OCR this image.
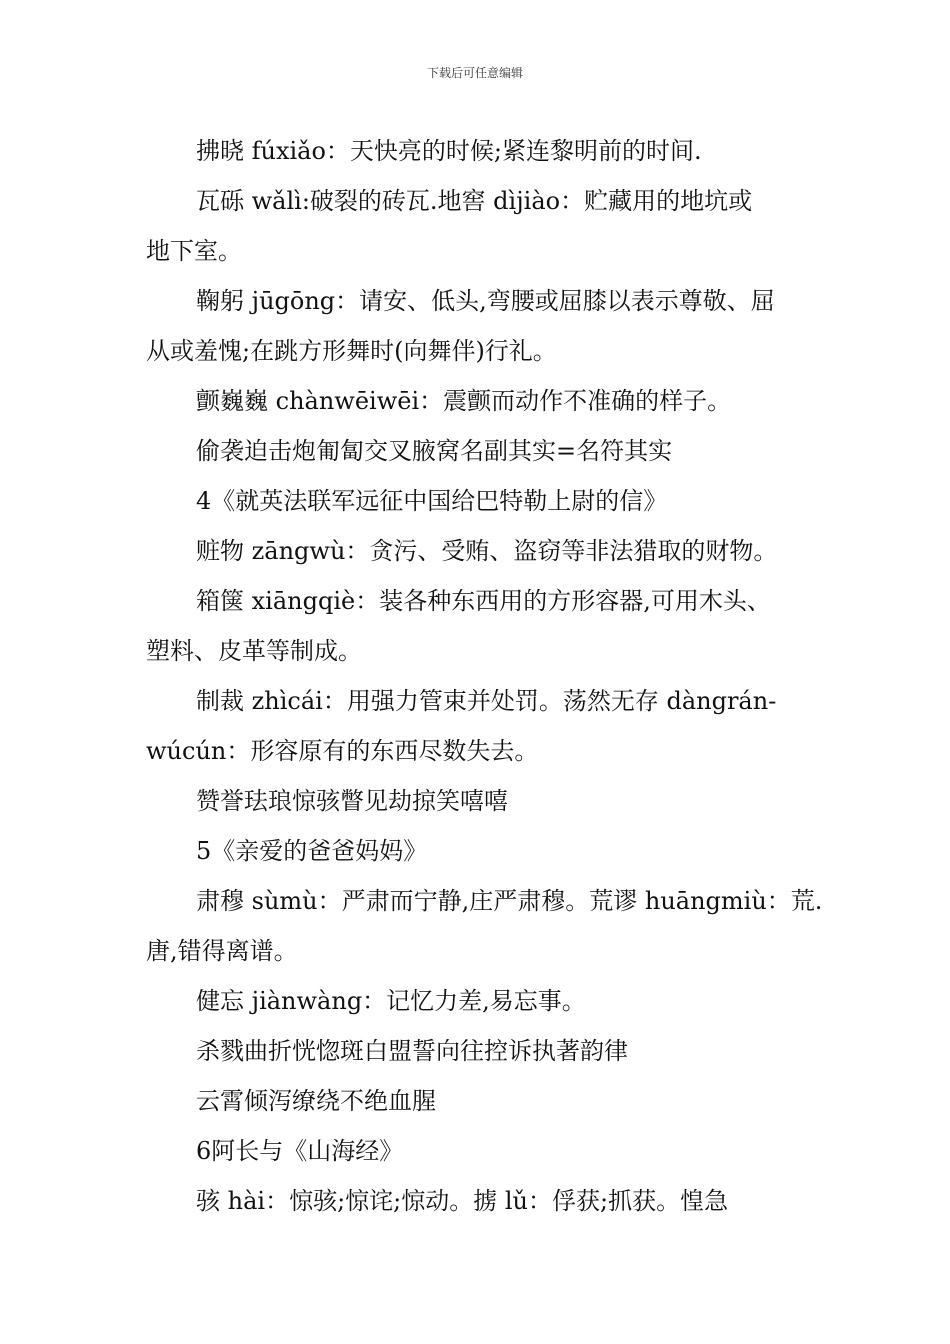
下载后可任意编辑

拂晓 fúxiǎo：天快亮的时候;紧连黎明前的时间.

瓦砾 wǎlì:破裂的砖瓦.地窖 dìjiào：贮藏用的地坑或
地下室。

鞠躬 jūgōng：请安、低头,弯腰或屈膝以表示尊敬、屈
从或羞愧;在跳方形舞时(向舞伴)行礼。

颤巍巍 chànwēiwēi：震颤而动作不准确的样子。

偷袭迫击炮匍匐交叉腋窝名副其实=名符其实

4《就英法联军远征中国给巴特勒上尉的信》

赃物 zāngwù：贪污、受贿、盗窃等非法猎取的财物。

箱箧 xiāngqiè：装各种东西用的方形容器,可用木头、
塑料、皮革等制成。

制裁 zhìcái：用强力管束并处罚。荡然无存 dàngrán-
wúcún：形容原有的东西尽数失去。

赞誉珐琅惊骇瞥见劫掠笑嘻嘻

5《亲爱的爸爸妈妈》

肃穆 sùmù：严肃而宁静,庄严肃穆。荒谬 huāngmiù：荒.
唐,错得离谱。

健忘 jiànwàng：记忆力差,易忘事。

杀戮曲折恍惚斑白盟誓向往控诉执著韵律

云霄倾泻缭绕不绝血腥

6阿长与《山海经》

骇 hài：惊骇;惊诧;惊动。掳 lǔ：俘获;抓获。惶急
